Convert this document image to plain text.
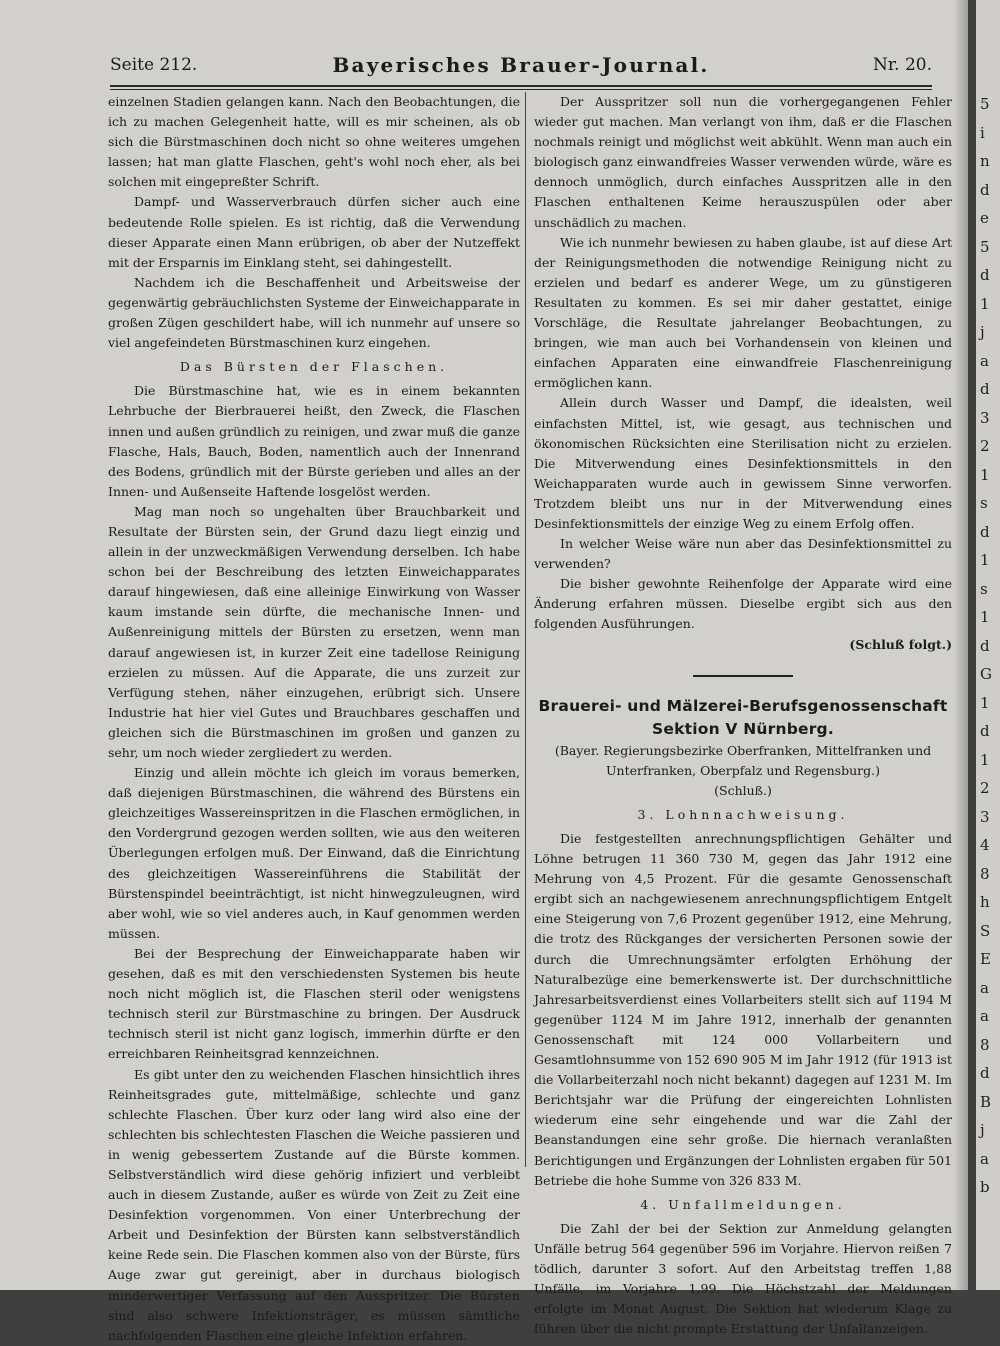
Seite 212.	Bayerisches Brauer-Journal.	Nr. 20.

einzelnen Stadien gelangen kann. Nach den Beobachtungen, die ich zu machen Gelegenheit hatte, will es mir scheinen, als ob sich die Bürstmaschinen doch nicht so ohne weiteres umgehen lassen; hat man glatte Flaschen, geht's wohl noch eher, als bei solchen mit eingepreßter Schrift.

Dampf- und Wasserverbrauch dürfen sicher auch eine bedeutende Rolle spielen. Es ist richtig, daß die Verwendung dieser Apparate einen Mann erübrigen, ob aber der Nutzeffekt mit der Ersparnis im Einklang steht, sei dahingestellt.

Nachdem ich die Beschaffenheit und Arbeitsweise der gegenwärtig gebräuchlichsten Systeme der Einweichapparate in großen Zügen geschildert habe, will ich nunmehr auf unsere so viel angefeindeten Bürstmaschinen kurz eingehen.

Das Bürsten der Flaschen.

Die Bürstmaschine hat, wie es in einem bekannten Lehrbuche der Bierbrauerei heißt, den Zweck, die Flaschen innen und außen gründlich zu reinigen, und zwar muß die ganze Flasche, Hals, Bauch, Boden, namentlich auch der Innenrand des Bodens, gründlich mit der Bürste gerieben und alles an der Innen- und Außenseite Haftende losgelöst werden.

Mag man noch so ungehalten über Brauchbarkeit und Resultate der Bürsten sein, der Grund dazu liegt einzig und allein in der unzweckmäßigen Verwendung derselben. Ich habe schon bei der Beschreibung des letzten Einweichapparates darauf hingewiesen, daß eine alleinige Einwirkung von Wasser kaum imstande sein dürfte, die mechanische Innen- und Außenreinigung mittels der Bürsten zu ersetzen, wenn man darauf angewiesen ist, in kurzer Zeit eine tadellose Reinigung erzielen zu müssen. Auf die Apparate, die uns zurzeit zur Verfügung stehen, näher einzugehen, erübrigt sich. Unsere Industrie hat hier viel Gutes und Brauchbares geschaffen und gleichen sich die Bürstmaschinen im großen und ganzen zu sehr, um noch wieder zergliedert zu werden.

Einzig und allein möchte ich gleich im voraus bemerken, daß diejenigen Bürstmaschinen, die während des Bürstens ein gleichzeitiges Wassereinspritzen in die Flaschen ermöglichen, in den Vordergrund gezogen werden sollten, wie aus den weiteren Überlegungen erfolgen muß. Der Einwand, daß die Einrichtung des gleichzeitigen Wassereinführens die Stabilität der Bürstenspindel beeinträchtigt, ist nicht hinwegzuleugnen, wird aber wohl, wie so viel anderes auch, in Kauf genommen werden müssen.

Bei der Besprechung der Einweichapparate haben wir gesehen, daß es mit den verschiedensten Systemen bis heute noch nicht möglich ist, die Flaschen steril oder wenigstens technisch steril zur Bürstmaschine zu bringen. Der Ausdruck technisch steril ist nicht ganz logisch, immerhin dürfte er den erreichbaren Reinheitsgrad kennzeichnen.

Es gibt unter den zu weichenden Flaschen hinsichtlich ihres Reinheitsgrades gute, mittelmäßige, schlechte und ganz schlechte Flaschen. Über kurz oder lang wird also eine der schlechten bis schlechtesten Flaschen die Weiche passieren und in wenig gebessertem Zustande auf die Bürste kommen. Selbstverständlich wird diese gehörig infiziert und verbleibt auch in diesem Zustande, außer es würde von Zeit zu Zeit eine Desinfektion vorgenommen. Von einer Unterbrechung der Arbeit und Desinfektion der Bürsten kann selbstverständlich keine Rede sein. Die Flaschen kommen also von der Bürste, fürs Auge zwar gut gereinigt, aber in durchaus biologisch minderwertiger Verfassung auf den Ausspritzer. Die Bürsten sind also schwere Infektionsträger, es müssen sämtliche nachfolgenden Flaschen eine gleiche Infektion erfahren.

Der Ausspritzer soll nun die vorhergegangenen Fehler wieder gut machen. Man verlangt von ihm, daß er die Flaschen nochmals reinigt und möglichst weit abkühlt. Wenn man auch ein biologisch ganz einwandfreies Wasser verwenden würde, wäre es dennoch unmöglich, durch einfaches Ausspritzen alle in den Flaschen enthaltenen Keime herauszuspülen oder aber unschädlich zu machen.

Wie ich nunmehr bewiesen zu haben glaube, ist auf diese Art der Reinigungsmethoden die notwendige Reinigung nicht zu erzielen und bedarf es anderer Wege, um zu günstigeren Resultaten zu kommen. Es sei mir daher gestattet, einige Vorschläge, die Resultate jahrelanger Beobachtungen, zu bringen, wie man auch bei Vorhandensein von kleinen und einfachen Apparaten eine einwandfreie Flaschenreinigung ermöglichen kann.

Allein durch Wasser und Dampf, die idealsten, weil einfachsten Mittel, ist, wie gesagt, aus technischen und ökonomischen Rücksichten eine Sterilisation nicht zu erzielen. Die Mitverwendung eines Desinfektionsmittels in den Weichapparaten wurde auch in gewissem Sinne verworfen. Trotzdem bleibt uns nur in der Mitverwendung eines Desinfektionsmittels der einzige Weg zu einem Erfolg offen.

In welcher Weise wäre nun aber das Desinfektionsmittel zu verwenden?

Die bisher gewohnte Reihenfolge der Apparate wird eine Änderung erfahren müssen. Dieselbe ergibt sich aus den folgenden Ausführungen.

(Schluß folgt.)

Brauerei- und Mälzerei-Berufsgenossenschaft Sektion V Nürnberg.

(Bayer. Regierungsbezirke Oberfranken, Mittelfranken und Unterfranken, Oberpfalz und Regensburg.)

(Schluß.)

3. Lohnnachweisung.

Die festgestellten anrechnungspflichtigen Gehälter und Löhne betrugen 11 360 730 M, gegen das Jahr 1912 eine Mehrung von 4,5 Prozent. Für die gesamte Genossenschaft ergibt sich an nachgewiesenem anrechnungspflichtigem Entgelt eine Steigerung von 7,6 Prozent gegenüber 1912, eine Mehrung, die trotz des Rückganges der versicherten Personen sowie der durch die Umrechnungsämter erfolgten Erhöhung der Naturalbezüge eine bemerkenswerte ist. Der durchschnittliche Jahresarbeitsverdienst eines Vollarbeiters stellt sich auf 1194 M gegenüber 1124 M im Jahre 1912, innerhalb der genannten Genossenschaft mit 124 000 Vollarbeitern und Gesamtlohnsumme von 152 690 905 M im Jahr 1912 (für 1913 ist die Vollarbeiterzahl noch nicht bekannt) dagegen auf 1231 M. Im Berichtsjahr war die Prüfung der eingereichten Lohnlisten wiederum eine sehr eingehende und war die Zahl der Beanstandungen eine sehr große. Die hiernach veranlaßten Berichtigungen und Ergänzungen der Lohnlisten ergaben für 501 Betriebe die hohe Summe von 326 833 M.

4. Unfallmeldungen.

Die Zahl der bei der Sektion zur Anmeldung gelangten Unfälle betrug 564 gegenüber 596 im Vorjahre. Hiervon reißen 7 tödlich, darunter 3 sofort. Auf den Arbeitstag treffen 1,88 Unfälle, im Vorjahre 1,99. Die Höchstzahl der Meldungen erfolgte im Monat August. Die Sektion hat wiederum Klage zu führen über die nicht prompte Erstattung der Unfallanzeigen.

5
i
n
d
e
5
d
1
j
a
d
3
2
1
s
d
1
s
1
d
G
1
d
1
2
3
4
8
h
S
E
a
a
8
d
B
j
a
b
